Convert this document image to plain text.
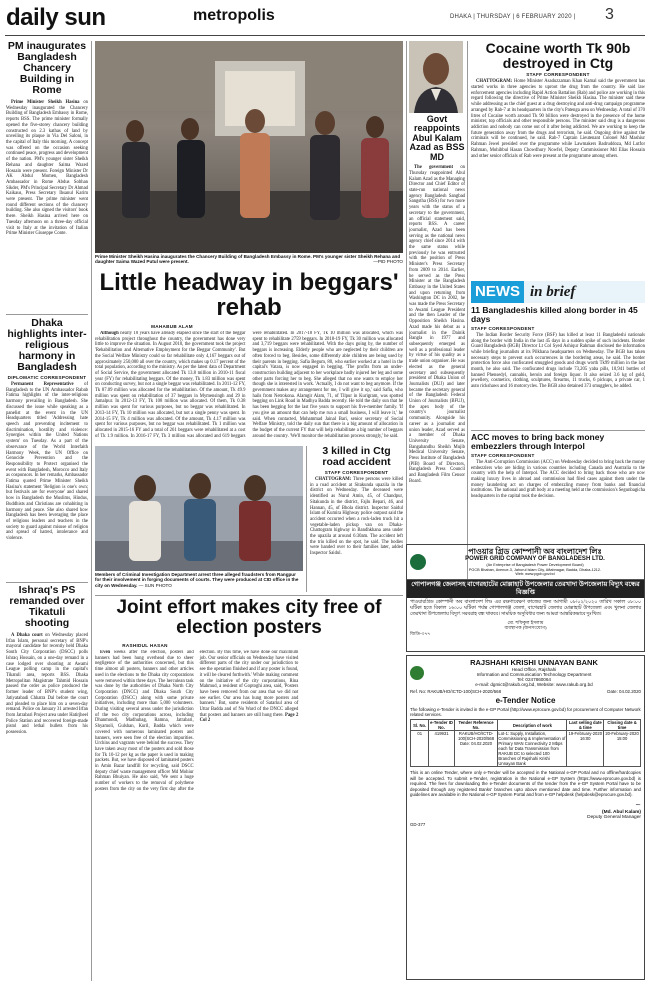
daily sun	metropolis	DHAKA | THURSDAY | 6 FEBRUARY 2020 | 3
PM inaugurates Bangladesh Chancery Building in Rome

Prime Minister Sheikh Hasina on Wednesday inaugurated the Chancery Building of Bangladesh Embassy in Rome, reports BSS. The prime minister formally opened the five-storey chancery building constructed on 2.3 kathas of land by unveiling its plaque in Via Del Saloni, in the capital of Italy this morning. A concept was offered on the occasion seeking continued peace, progress and development of the nation. PM's younger sister Sheikh Rehana and daughter Saima Wazed Hossain were present. Foreign Minister Dr AK Abdul Momen, Bangladesh Ambassador in Rome Abdus Sobhan Sikder, PM's Principal Secretary Dr Ahmad Kaikaus, Press Secretary Ihsanul Karim were present. The prime minister went round different sections of the chancery building. She also signed the visitors' book there. Sheikh Hasina arrived here on Tuesday afternoon on a three-day official visit to Italy at the invitation of Italian Prime Minister Giuseppe Conte.

Dhaka highlights inter-religious harmony in Bangladesh
DIPLOMATIC CORRESPONDENT

Permanent Representative of Bangladesh to the UN Ambassador Rabab Fatima highlights of the inter-religious harmony prevailing in Bangladesh. She discussed the issue while speaking as a panelist at the event in the UN Headquarters titled 'Addressing hate speech and preventing incitement to discrimination, hostility and violence: Synergies within the United Nations system' on Tuesday. As a part of the observance of the World Interfaith Harmony Week, the UN Office on Genocide Prevention and the Responsibility to Protect organised the event with Bangladesh, Morocco and Italy as cosponsors. In her remarks, Ambassador Fatima quoted Prime Minister Sheikh Hasina's statement 'Religion is one's own; but festivals are for everyone' and shared how in Bangladesh the Muslims, Hindus, Buddhists and Christians are cohabiting in harmony and peace. She also shared how Bangladesh has been leveraging the place of religious leaders and teachers in the society to guard against misuse of religion and spread of hatred, intolerance and violence.

Ishraq's PS remanded over Tikatuli shooting

A Dhaka court on Wednesday placed Irfan Islam, personal secretary of BNP's mayoral candidate for recently held Dhaka South City Corporation (DSCC) polls Ishraq Hossain, on a one-day remand in a case lodged over shooting at Awami League polling camp in the capital's Tikatuli area, reports BSS. Dhaka Metropolitan Magistrate Tahmid Hossain passed the order as police produced the former leader of BNP's student wing, Jatiyatabadi Chhatra Dal before the court and pleaded to place him on a seven-day remand. Police on January 31 arrested Irfan from Jatrabari Project area under Hatirjheel Police Station and recovered foreign-made pistol and lethal bullets from his possession.

Prime Minister Sheikh Hasina inaugurates the Chancery Building of Bangladesh Embassy in Rome. PM's younger sister Sheikh Rehana and daughter Saima Wazed Putul were present.	—PID PHOTO
Little headway in beggars' rehab
MAHABUB ALAM

Although nearly 10 years have already elapsed since the start of the beggar rehabilitation project throughout the country, the government has done very little to improve the situation. In August 2010, the government took the project 'Rehabilitation and Alternative Employment for the Beggar Community'. But the Social Welfare Ministry could so far rehabilitate only 4,167 beggars out of approximately 250,000 all over the country, which makes up 0.17 percent of the total population, according to the ministry. As per the latest data of Department of Social Service, the government allocated Tk 13.8 million in 2010-11 fiscal year (FY) for rehabilitating beggars. Of the money, Tk 1.83 million was spent on conducting survey, but not a single beggar was rehabilitated. In 2011-12 FY, Tk 87.09 million was allocated for the rehabilitation. Of the amount, Tk 49.9 million was spent on rehabilitation of 37 beggars in Mymensingh and 29 in Jamalpur. In 2012-13 FY, Tk 108 million was allocated. Of them, Tk 0.38 million was spent for various purposes, but no beggar was rehabilitated. In 2013-14 FY, Tk 10 million was allocated, but not a single penny was spent. In 2014-15 FY, Tk 4 million was allocated. Of the amount, Tk 4.17 million was spent for various purposes, but no beggar was rehabilitated. Tk 1 million was allocated in 2015-16 FY and a total of 261 beggars were rehabilitated at a cost of Tk 1.9 million. In 2016-17 FY, Tk 3 million was allocated and 619 beggars were rehabilitated. In 2017-18 FY, Tk 10 million was allocated, which was spent to rehabilitate 2759 beggars. In 2018-19 FY, Tk 30 million was allocated and 3,719 beggars were rehabilitated. With the days going by, the number of beggars is increasing. Elderly people who are neglected by their children are often forced to beg. Besides, some differently able children are being used by their parents in begging. Safia Begum, 80, who earlier worked at a hotel in the capital's Vatara, is now engaged in begging. 'The profits from an under-construction building adjacent to her workplace badly injured her leg and some other parts forcing her to beg. She alleged that no one wants to employ her though she is interested in work. 'Actually, I do not want to beg anymore. If the government makes any arrangement for me, I will give it up,' said Safia, who hails from Netrokona. Alamgir Alam, 71, of Tilpur in Kurigram, was spotted begging on Link Road in Madhya Badda recently. He told the daily sun that he has been begging for the last five years to support his five-member family. 'If you give an amount that can help me run a small business, I will leave it,' he said. When contacted, Mohammad Jainal Bari, senior secretary of Social Welfare Ministry, told the daily sun that there is a big amount of allocation in the budget of the current FY that will help rehabilitate a big number of beggars around the country. 'We'll monitor the rehabilitation process strongly,' he said.

Members of Criminal Investigation Department arrest three alleged fraudsters from Rangpur for their involvement in forging documents of courts. They were produced at CID office in the city on Wednesday. — SUN PHOTO
3 killed in Ctg road accident
STAFF CORRESPONDENT

CHATTOGRAM: Three persons were killed in a road accident at Sitakunda upazila in the district on Wednesday. The deceased were identified as Nurul Amin, 45, of Chandpur, Sitakunda in the district, Fajlu Bepari, 46, and Hannan, 45, of Bhola district. Inspector Saidul Islam of Kumira Highway police outpost said the accident occurred when a rock-laden truck hit a vegetable-laden pickup van on Dhaka-Chattogram highway in Bandhkhana area under the upazila at around 6:30am. The accident left the trio killed on the spot, he said. The bodies were handed over to their families later, added Inspector Saidul.

Joint effort makes city free of election posters
RASHIDUL HASAN

Even weeks after the election, posters and banners had been hung overhead due to sheer negligence of the authorities concerned, but this time almost all posters, banners and other articles used in the elections to the Dhaka city corporations were removed within three days. The herculean task was done by the authorities of Dhaka North City Corporation (DNCC) and Dhaka South City Corporation (DSCC) along with some private initiatives, including more than 5,000 volunteers. During visiting several areas under the jurisdiction of the two city corporations across, including Dhanmondi, Madhubag, Ramna, Jatrabari, Shyamoli, Gulshan, Kuril, Badda which were covered with numerous laminated posters and banners, were seen free of the election impurities. Urchins and vagrants were behind the success. They have taken away most of the posters and sold those for Tk 10-12 per kg as the paper is used in making packets. But, we have disposed of laminated posters in Amin Bazar landfill for recycling, said DSCC deputy chief waste management officer Md Mohiur Rahman Bhuiyan. He also said, 'We sent a huge number of workers to the removal of polythene posters from the city on the very first day after the election. By this time, we have done our maximum job. Our senior officials on Wednesday have visited different parts of the city under our jurisdiction to see the operation finished and if any poster is found, it will be cleared forthwith.' While making comment on the initiative of the city corporations, Rina Mahmud, a resident of Goptoghi area, said, 'Posters have been removed from our area that we did not see earlier. Our area has hung more posters and banners.' But, some residents of Satarkul area of Uttar Badda and of No Ward of the DNCC alleged that posters and banners are still hung there. Page 2 Col 2

Govt reappoints Abul Kalam Azad as BSS MD

The government on Thursday reappointed Abul Kalam Azad as the Managing Director and Chief Editor of state-run national news agency Bangladesh Sangbad Sangstha (BSS) for two more years with the status of a secretary to the government, an official statement said, reports BSS. A career journalist, Azad has been serving as the national news agency chief since 2014 with the same status while previously he was entrusted with the position of Press Minister's Press Secretary from 2009 to 2014. Earlier, he served as the Press Minister at the Bangladesh Embassy in the United States and upon returning from Washington DC in 2002, he was made the Press Secretary to Awami League President and the then Leader of the Opposition Sheikh Hasina. Azad made his debut as a journalist in the Dainik Bangla in 1977 and subsequently emerged as well as a professional leader by virtue of his quality as a trade union organiser. He was elected as the general secretary and subsequently president of Dhaka Union of Journalists (DUJ) and later became the secretary general of the Bangladesh Federal Union of Journalists (BFUJ), the apex body of the country's journalist community. Alongside his career as a journalist and union leader, Azad served as a member of Dhaka University Senate, Bangabandhu Sheikh Mujib Medical University Senate, Press Institute of Bangladesh (PIB) Board of Directors, Bangladesh Press Council and Bangladesh Film Censor Board.

Cocaine worth Tk 90b destroyed in Ctg
STAFF CORRESPONDENT

CHATTOGRAM: Home Minister Asaduzzaman Khan Kamal said the government has started works in three agencies to uproot the drug from the country. He said law enforcement agencies including Rapid Action Battalion (Rab) and police are working in this regard following the directive of Prime Minister Sheikh Hasina. The minister said these while addressing as the chief guest at a drug destroying and anti-drug campaign programme arranged by Rab-7 at its headquarters in the city's Patenga area on Wednesday. A total of 370 litres of Cocaine worth around Tk 90 billion were destroyed in the presence of the home minister, top officials and other responsible persons. The minister said drug is a dangerous addiction and nobody can come out of it after being addicted. We are working to keep the future generation away from the drugs and terrorism, he said. Ongoing drive against the criminals will be continued, he said. Rab-7 Captain Lieutenant Colonel Md Mashiur Rahman Jewel presided over the programme while Lawmakers Badruddoza, Md Lutfor Rahman, Mohibbul Hasan Chowdhury Nowfel, Deputy Commissioner Md Elias Hossain and other senior officials of Rab were present at the programme among others.

NEWS in brief
11 Bangladeshis killed along border in 45 days
STAFF CORRESPONDENT

The Indian Border Security Force (BSF) has killed at least 11 Bangladeshi nationals along the border with India in the last 45 days in a sudden spike of such incidents. Border Guard Bangladesh (BGB) Director Lt Col Syed Ashiqur Rahman disclosed the information while briefing journalists at its Pilkhana headquarters on Wednesday. The BGB has taken necessary steps to prevent such occurrences in the bordering areas, he said. The border protection force also confiscated smuggled goods and drugs worth Tk99 million in the last month, he also said. The confiscated drugs include 73,205 yaba pills, 10,941 bottles of banned Phensedyl, cannabis, heroin and foreign liquor. It also seized 3.6 kg of gold, jewellery, cosmetics, clothing, sculptures, firearms, 11 trucks, 6 pickups, a private car, 1 auto rickshaws and 16 motorcycles. The BGB also detained 373 smugglers, he added.

ACC moves to bring back money embezzlers through Interpol
STAFF CORRESPONDENT

The Anti-Corruption Commission (ACC) on Wednesday decided to bring back the money embezzlers who are hiding in various countries including Canada and Australia to the country with the help of Interpol. The ACC decided to bring back those who are now making luxury lives in abroad and commission had filed cases against them under the money laundering act on charges of embezzling money from banks and financial institutions. The national and graft body at a meeting held at the commission's Segunbagicha headquarters in the capital took the decision.

পাওয়ার গ্রিড কোম্পানী অব বাংলাদেশ লিঃ
POWER GRID COMPANY OF BANGLADESH LTD.
(An Enterprise of Bangladesh Power Development Board)
PGCB Bhaban, Avenue-3, Jahurul Islam City, Aftabnagar, Badda, Dhaka-1212.
Web: www.pgcb.gov.bd
গোপালগঞ্জ জেলাসহ বাগেরহাটের মোল্লাহাট উপজেলার তেরখাদা উপজেলায় বিদ্যুৎ বন্ধের বিজ্ঞপ্তি
পাওয়ারগ্রিড কোম্পানী অব বাংলাদেশ লিঃ এর রক্ষণাবেক্ষণ কাজের জন্য আগামী ০৮/০২/২০২০ তারিখ সকাল ০৮:০০ ঘটিকা হতে বিকাল ১৬:০০ ঘটিকা পর্যন্ত গোপালগঞ্জ জেলা, বাগেরহাট জেলার মোল্লাহাট উপজেলা এবং খুলনা জেলার তেরখাদা উপজেলায় বিদ্যুৎ সরবরাহ বন্ধ থাকবে। সাময়িক অসুবিধার জন্য আমরা আন্তরিকভাবে দুঃখিত।
মো. শফিকুল ইসলাম
ব্যবস্থাপক (জনসংযোগ)
জিডি-৩৭৭
RAJSHAHI KRISHI UNNAYAN BANK
Head Office, Rajshahi
Information and Communication Technology Department
Tel: 0247860064
e-mail: dgmict@rakub.org.bd, Website: www.rakub.org.bd
Ref. No: RAKUB/HO/ICTD-100(SCH-2020/568	Date: 04.02.2020
e-Tender Notice
The following e-Tender is invited in the e-GP Portal (http://www.eprocure.gov.bd) for procurement of Computer Network related services.
Sl. No.	e-Tender ID No.	Tender Reference No.	Description of work	Last selling date & time	Closing date & time
01	419931	RAKUB/HO/ICTD-100(SCH-2020/568 Date: 04.02.2020	Lot-1: Supply, Installation, Commissioning & Implementation of Primary WAN Connectivity 2 Mbps each for Data Transmission from RAKUB DC to selected 100 Branches of Rajshahi Krishi Unnayan Bank	19-February-2020 16:00	20-February-2020 15:00
This is an online Tender, where only e-Tender will be accepted in the National e-GP Portal and no offline/hardcopies will be accepted. To submit e-Tender, registration in the National e-GP System (https://www.eprocure.gov.bd) is required. The fees for downloading the e-Tender documents of the tender from the e-GP System Portal have to be deposited through any registered Banks' branches upto above mentioned date and time. Further information and guidelines are available in the National e-GP System Portal and from e-GP helpdesk (helpdesk@eprocure.gov.bd).
~
(Md. Abul Kalam)
Deputy General Manager
GD-377
